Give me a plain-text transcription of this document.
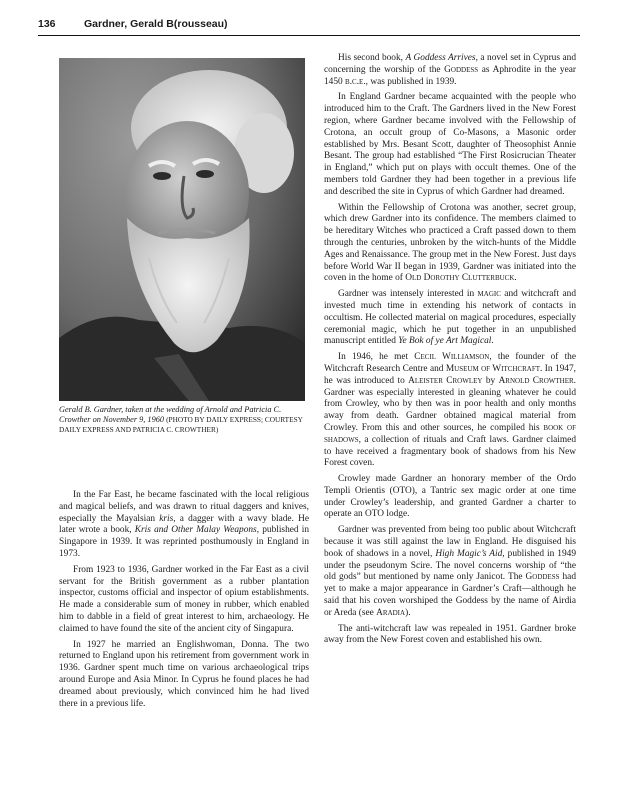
136	Gardner, Gerald B(rousseau)
Gerald B. Gardner, taken at the wedding of Arnold and Patricia C. Crowther on November 9, 1960 (PHOTO BY DAILY EXPRESS; COURTESY DAILY EXPRESS AND PATRICIA C. CROWTHER)

In the Far East, he became fascinated with the local religious and magical beliefs, and was drawn to ritual daggers and knives, especially the Mayalsian kris, a dagger with a wavy blade. He later wrote a book, Kris and Other Malay Weapons, published in Singapore in 1939. It was reprinted posthumously in England in 1973.

From 1923 to 1936, Gardner worked in the Far East as a civil servant for the British government as a rubber plantation inspector, customs official and inspector of opium establishments. He made a considerable sum of money in rubber, which enabled him to dabble in a field of great interest to him, archaeology. He claimed to have found the site of the ancient city of Singapura.

In 1927 he married an Englishwoman, Donna. The two returned to England upon his retirement from government work in 1936. Gardner spent much time on various archaeological trips around Europe and Asia Minor. In Cyprus he found places he had dreamed about previously, which convinced him he had lived there in a previous life.

His second book, A Goddess Arrives, a novel set in Cyprus and concerning the worship of the Goddess as Aphrodite in the year 1450 b.c.e., was published in 1939.

In England Gardner became acquainted with the people who introduced him to the Craft. The Gardners lived in the New Forest region, where Gardner became involved with the Fellowship of Crotona, an occult group of Co-Masons, a Masonic order established by Mrs. Besant Scott, daughter of Theosophist Annie Besant. The group had established “The First Rosicrucian Theater in England,” which put on plays with occult themes. One of the members told Gardner they had been together in a previous life and described the site in Cyprus of which Gardner had dreamed.

Within the Fellowship of Crotona was another, secret group, which drew Gardner into its confidence. The members claimed to be hereditary Witches who practiced a Craft passed down to them through the centuries, unbroken by the witch-hunts of the Middle Ages and Renaissance. The group met in the New Forest. Just days before World War II began in 1939, Gardner was initiated into the coven in the home of Old Dorothy Clutterbuck.

Gardner was intensely interested in magic and witchcraft and invested much time in extending his network of contacts in occultism. He collected material on magical procedures, especially ceremonial magic, which he put together in an unpublished manuscript entitled Ye Bok of ye Art Magical.

In 1946, he met Cecil Williamson, the founder of the Witchcraft Research Centre and Museum of Witchcraft. In 1947, he was introduced to Aleister Crowley by Arnold Crowther. Gardner was especially interested in gleaning whatever he could from Crowley, who by then was in poor health and only months away from death. Gardner obtained magical material from Crowley. From this and other sources, he compiled his book of shadows, a collection of rituals and Craft laws. Gardner claimed to have received a fragmentary book of shadows from his New Forest coven.

Crowley made Gardner an honorary member of the Ordo Templi Orientis (OTO), a Tantric sex magic order at one time under Crowley’s leadership, and granted Gardner a charter to operate an OTO lodge.

Gardner was prevented from being too public about Witchcraft because it was still against the law in England. He disguised his book of shadows in a novel, High Magic’s Aid, published in 1949 under the pseudonym Scire. The novel concerns worship of “the old gods” but mentioned by name only Janicot. The Goddess had yet to make a major appearance in Gardner’s Craft—although he said that his coven worshiped the Goddess by the name of Airdia or Areda (see Aradia).

The anti-witchcraft law was repealed in 1951. Gardner broke away from the New Forest coven and established his own.
